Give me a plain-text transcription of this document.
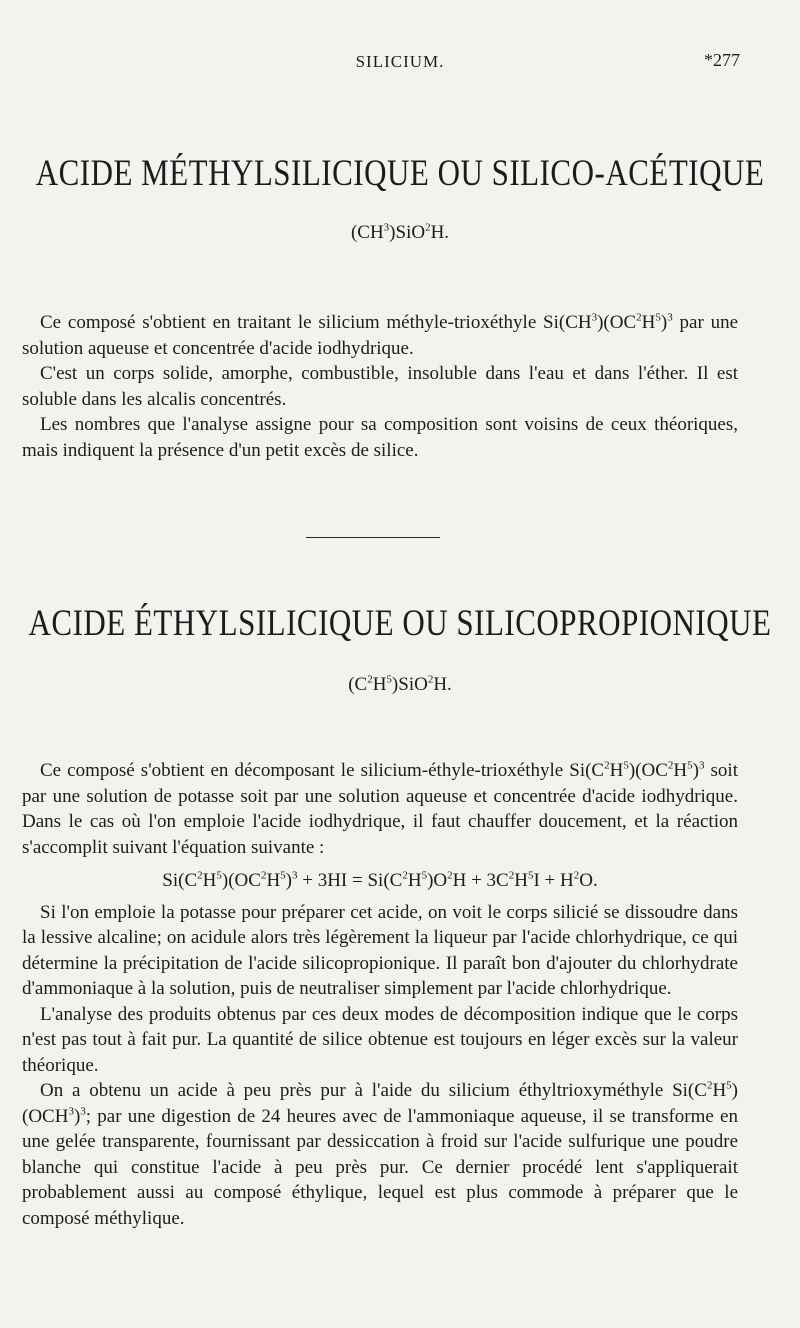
SILICIUM.	*277
ACIDE MÉTHYLSILICIQUE OU SILICO-ACÉTIQUE
$(CH^3)SiO^2H$.

Ce composé s'obtient en traitant le silicium méthyle-trioxéthyle $Si(CH^3)(OC^2H^5)^3$ par une solution aqueuse et concentrée d'acide iodhydrique.

C'est un corps solide, amorphe, combustible, insoluble dans l'eau et dans l'éther. Il est soluble dans les alcalis concentrés.

Les nombres que l'analyse assigne pour sa composition sont voisins de ceux théoriques, mais indiquent la présence d'un petit excès de silice.

ACIDE ÉTHYLSILICIQUE OU SILICOPROPIONIQUE
$(C^2H^5)SiO^2H$.

Ce composé s'obtient en décomposant le silicium-éthyle-trioxéthyle $Si(C^2H^5)(OC^2H^5)^3$ soit par une solution de potasse soit par une solution aqueuse et concentrée d'acide iodhydrique. Dans le cas où l'on emploie l'acide iodhydrique, il faut chauffer doucement, et la réaction s'accomplit suivant l'équation suivante :

$Si(C^2H^5)(OC^2H^5)^3 + 3HI = Si(C^2H^5)O^2H + 3C^2H^5I + H^2O$.

Si l'on emploie la potasse pour préparer cet acide, on voit le corps silicié se dissoudre dans la lessive alcaline; on acidule alors très légèrement la liqueur par l'acide chlorhydrique, ce qui détermine la précipitation de l'acide silicopropionique. Il paraît bon d'ajouter du chlorhydrate d'ammoniaque à la solution, puis de neutraliser simplement par l'acide chlorhydrique.

L'analyse des produits obtenus par ces deux modes de décomposition indique que le corps n'est pas tout à fait pur. La quantité de silice obtenue est toujours en léger excès sur la valeur théorique.

On a obtenu un acide à peu près pur à l'aide du silicium éthyltrioxyméthyle $Si(C^2H^5)(OCH^3)^3$; par une digestion de 24 heures avec de l'ammoniaque aqueuse, il se transforme en une gelée transparente, fournissant par dessiccation à froid sur l'acide sulfurique une poudre blanche qui constitue l'acide à peu près pur. Ce dernier procédé lent s'appliquerait probablement aussi au composé éthylique, lequel est plus commode à préparer que le composé méthylique.
